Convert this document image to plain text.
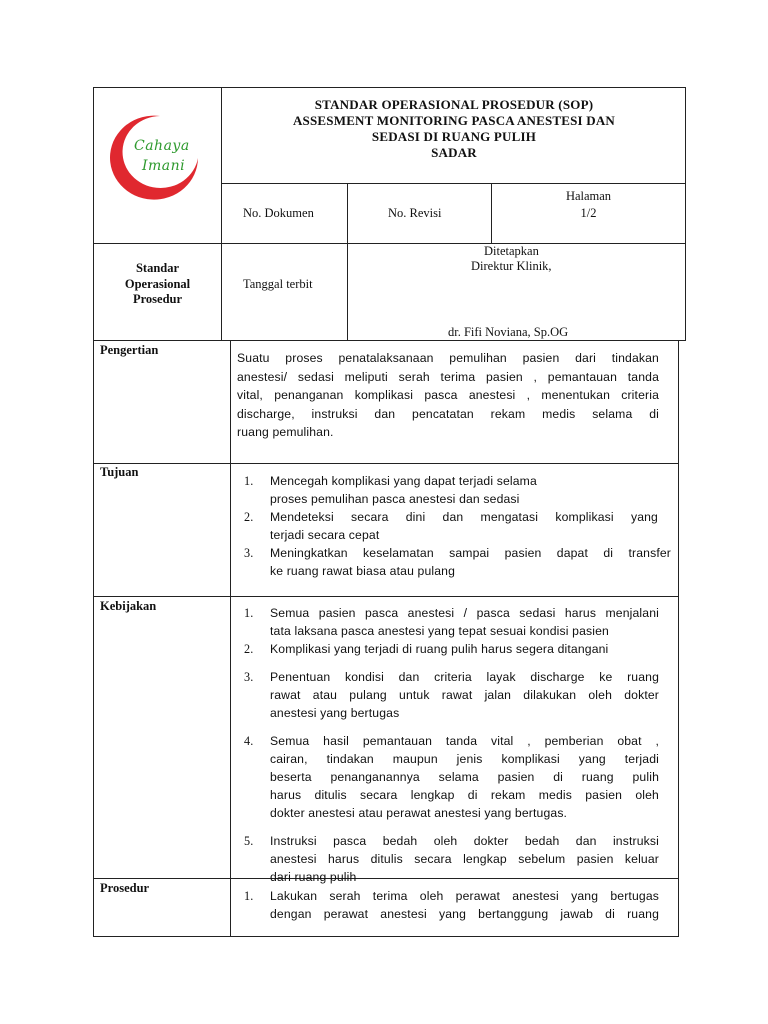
Cahaya
Imani
STANDAR OPERASIONAL PROSEDUR (SOP)
ASSESMENT MONITORING PASCA ANESTESI DAN
SEDASI DI RUANG PULIH
SADAR
No. Dokumen	No. Revisi
Halaman
1/2
Standar
Operasional
Prosedur
Tanggal terbit
Ditetapkan
Direktur Klinik,
dr. Fifi Noviana, Sp.OG
Pengertian
Suatu proses penatalaksanaan pemulihan pasien dari tindakan
anestesi/ sedasi meliputi serah terima pasien , pemantauan tanda
vital, penanganan komplikasi pasca anestesi , menentukan criteria
discharge, instruksi dan pencatatan rekam medis selama di
ruang pemulihan.
Tujuan
1. Mencegah komplikasi yang dapat terjadi selama
proses pemulihan pasca anestesi dan sedasi
2. Mendeteksi secara dini dan mengatasi komplikasi yang
terjadi secara cepat
3. Meningkatkan keselamatan sampai pasien dapat di transfer
ke ruang rawat biasa atau pulang
Kebijakan	1. Semua pasien pasca anestesi / pasca sedasi harus menjalani
tata laksana pasca anestesi yang tepat sesuai kondisi pasien
2. Komplikasi yang terjadi di ruang pulih harus segera ditangani
3. Penentuan kondisi dan criteria layak discharge ke ruang
rawat atau pulang untuk rawat jalan dilakukan oleh dokter
anestesi yang bertugas
4. Semua hasil pemantauan tanda vital , pemberian obat ,
cairan, tindakan maupun jenis komplikasi yang terjadi
beserta penanganannya selama pasien di ruang pulih
harus ditulis secara lengkap di rekam medis pasien oleh
dokter anestesi atau perawat anestesi yang bertugas.
5. Instruksi pasca bedah oleh dokter bedah dan instruksi
anestesi harus ditulis secara lengkap sebelum pasien keluar
dari ruang pulih
Prosedur
1. Lakukan serah terima oleh perawat anestesi yang bertugas
dengan perawat anestesi yang bertanggung jawab di ruang
